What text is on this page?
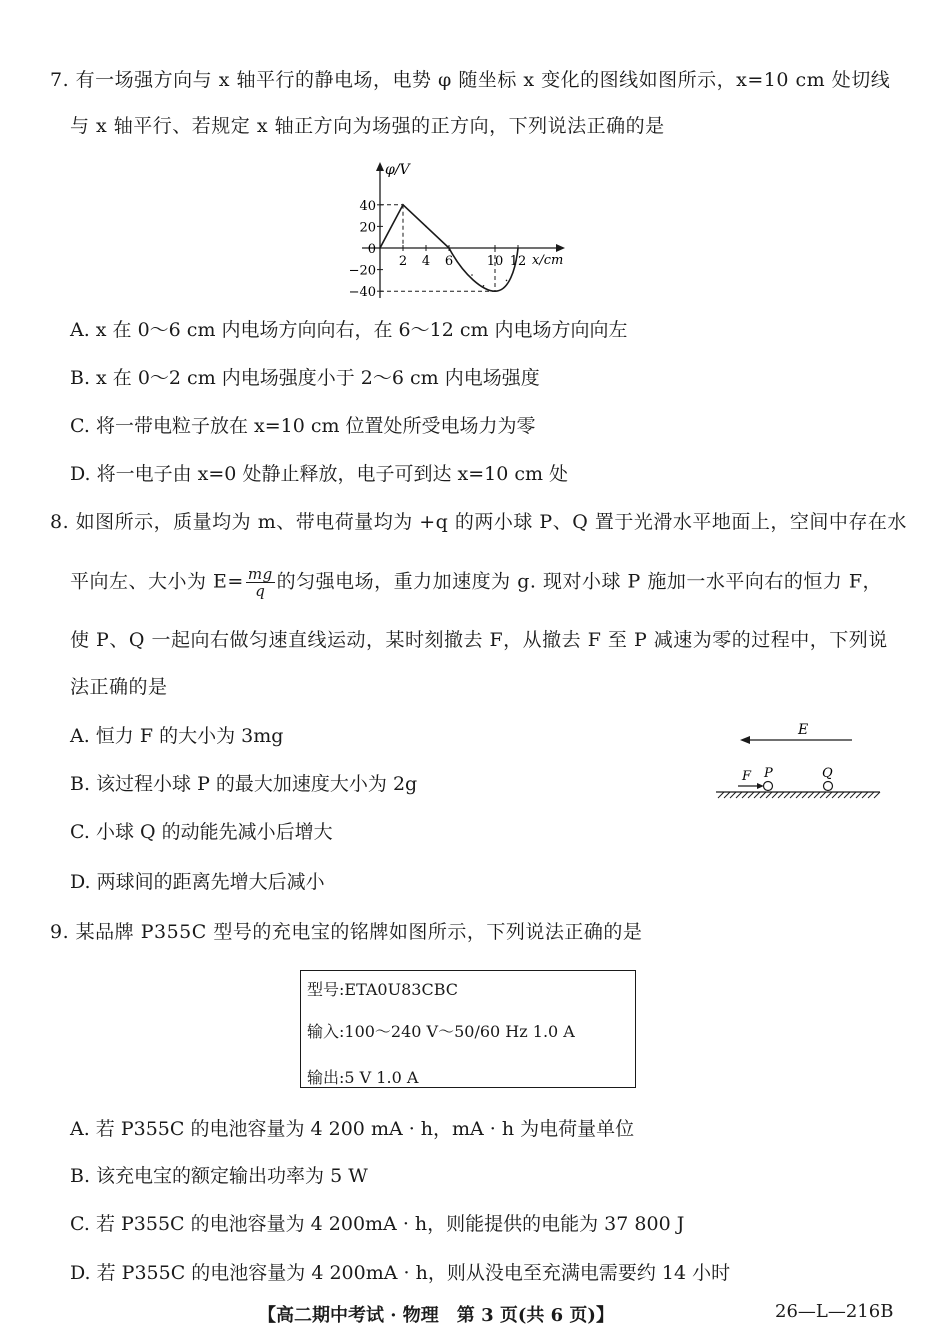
7. 有一场强方向与 x 轴平行的静电场，电势 φ 随坐标 x 变化的图线如图所示，x=10 cm 处切线
与 x 轴平行、若规定 x 轴正方向为场强的正方向，下列说法正确的是
φ/V
x/cm
40
20
0
−20
−40
2 4 6	10 12
A. x 在 0～6 cm 内电场方向向右，在 6～12 cm 内电场方向向左
B. x 在 0～2 cm 内电场强度小于 2～6 cm 内电场强度
C. 将一带电粒子放在 x=10 cm 位置处所受电场力为零
D. 将一电子由 x=0 处静止释放，电子可到达 x=10 cm 处
8. 如图所示，质量均为 m、带电荷量均为 +q 的两小球 P、Q 置于光滑水平地面上，空间中存在水
平向左、大小为 $E= \frac{mg}{q}$ 的匀强电场，重力加速度为 g. 现对小球 P 施加一水平向右的恒力 F，
使 P、Q 一起向右做匀速直线运动，某时刻撤去 F，从撤去 F 至 P 减速为零的过程中，下列说
法正确的是
A. 恒力 F 的大小为 3mg
B. 该过程小球 P 的最大加速度大小为 2g
C. 小球 Q 的动能先减小后增大
D. 两球间的距离先增大后减小
E
F P	Q
9. 某品牌 P355C 型号的充电宝的铭牌如图所示，下列说法正确的是
型号:ETA0U83CBC
输入:100～240 V～50/60 Hz 1.0 A
输出:5 V 1.0 A
A. 若 P355C 的电池容量为 4 200 mA · h，mA · h 为电荷量单位
B. 该充电宝的额定输出功率为 5 W
C. 若 P355C 的电池容量为 4 200mA · h，则能提供的电能为 37 800 J
D. 若 P355C 的电池容量为 4 200mA · h，则从没电至充满电需要约 14 小时
【高二期中考试 · 物理　第 3 页(共 6 页)】	26—L—216B
